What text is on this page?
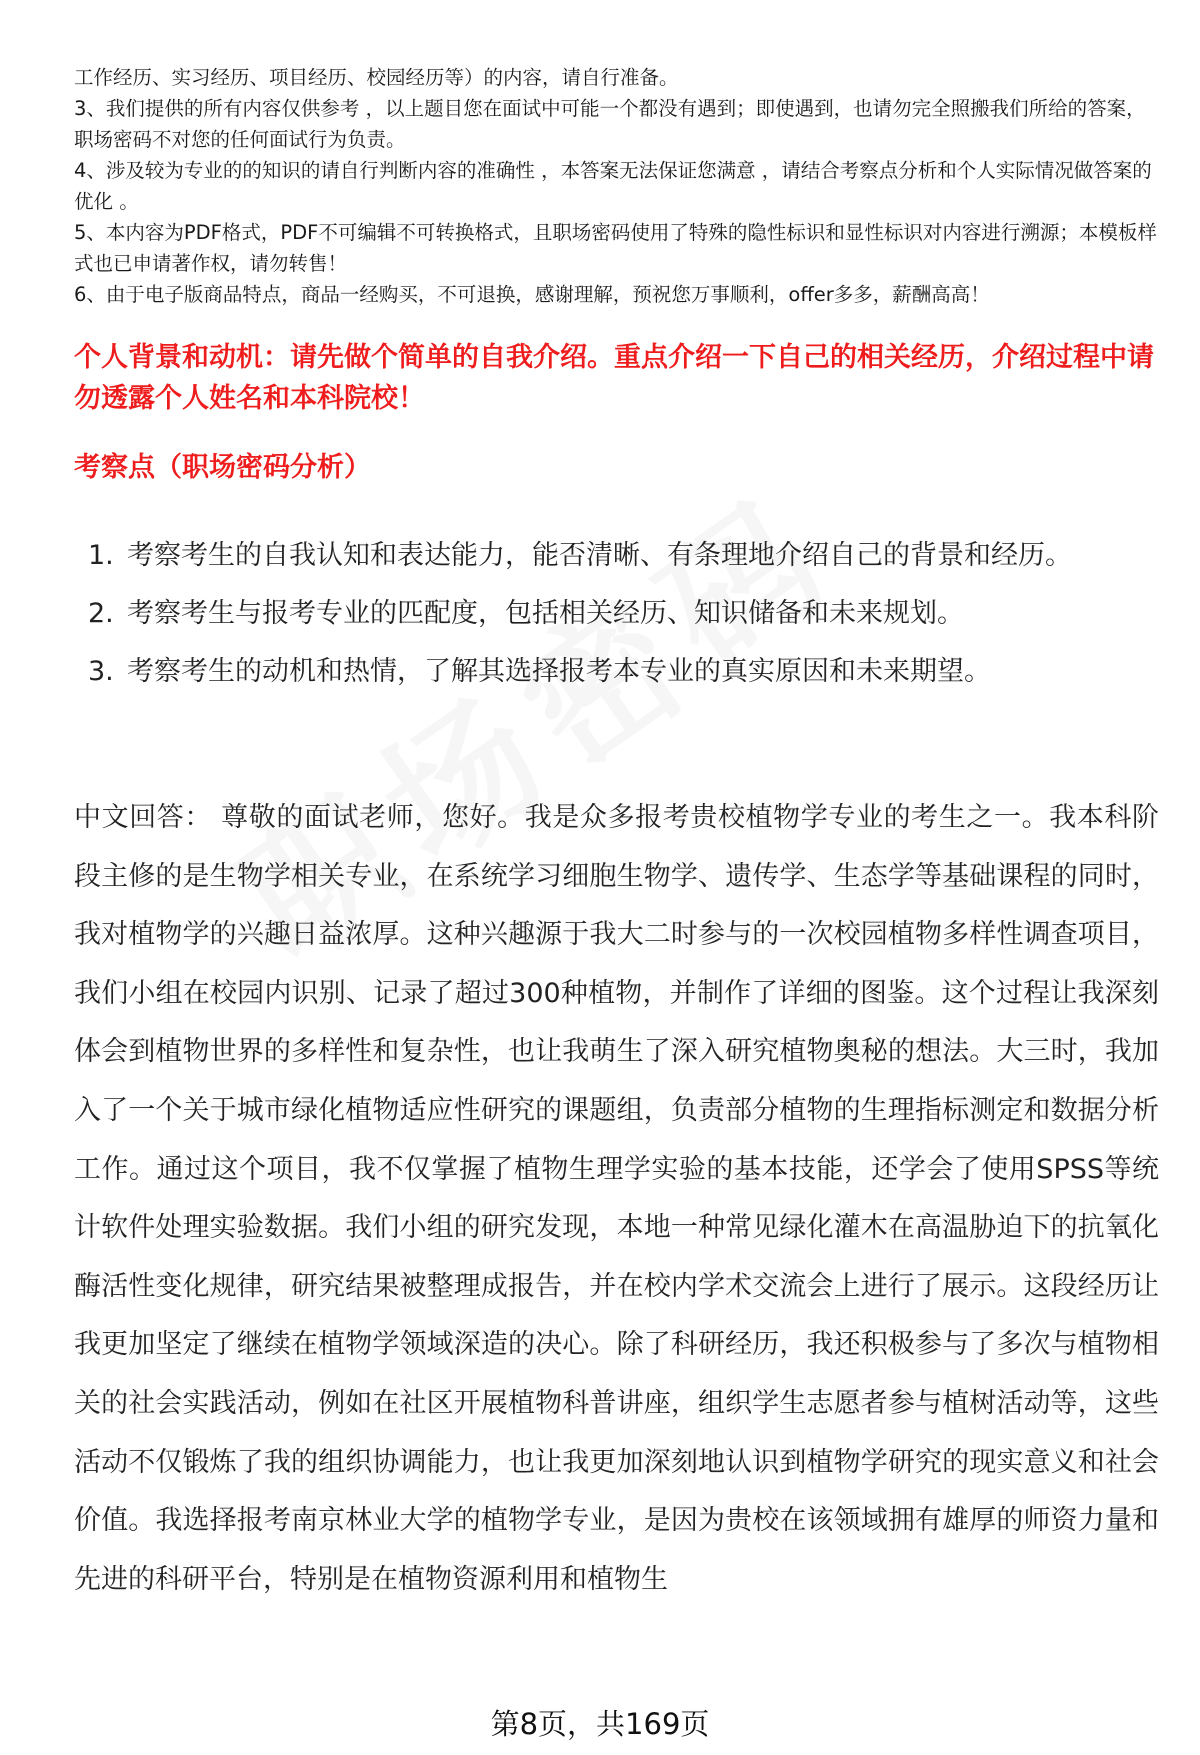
工作经历、实习经历、项目经历、校园经历等）的内容，请自行准备。

3、我们提供的所有内容仅供参考 ，以上题目您在面试中可能一个都没有遇到；即使遇到，也请勿完全照搬我们所给的答案，职场密码不对您的任何面试行为负责。

4、涉及较为专业的的知识的请自行判断内容的准确性 ，本答案无法保证您满意 ，请结合考察点分析和个人实际情况做答案的优化 。

5、本内容为PDF格式，PDF不可编辑不可转换格式，且职场密码使用了特殊的隐性标识和显性标识对内容进行溯源；本模板样式也已申请著作权，请勿转售！

6、由于电子版商品特点，商品一经购买，不可退换，感谢理解，预祝您万事顺利，offer多多，薪酬高高！

个人背景和动机：请先做个简单的自我介绍。重点介绍一下自己的相关经历，介绍过程中请勿透露个人姓名和本科院校！

考察点（职场密码分析）

1. 考察考生的自我认知和表达能力，能否清晰、有条理地介绍自己的背景和经历。
2. 考察考生与报考专业的匹配度，包括相关经历、知识储备和未来规划。
3. 考察考生的动机和热情，了解其选择报考本专业的真实原因和未来期望。

中文回答： 尊敬的面试老师，您好。我是众多报考贵校植物学专业的考生之一。我本科阶段主修的是生物学相关专业，在系统学习细胞生物学、遗传学、生态学等基础课程的同时，我对植物学的兴趣日益浓厚。这种兴趣源于我大二时参与的一次校园植物多样性调查项目，我们小组在校园内识别、记录了超过300种植物，并制作了详细的图鉴。这个过程让我深刻体会到植物世界的多样性和复杂性，也让我萌生了深入研究植物奥秘的想法。大三时，我加入了一个关于城市绿化植物适应性研究的课题组，负责部分植物的生理指标测定和数据分析工作。通过这个项目，我不仅掌握了植物生理学实验的基本技能，还学会了使用SPSS等统计软件处理实验数据。我们小组的研究发现，本地一种常见绿化灌木在高温胁迫下的抗氧化酶活性变化规律，研究结果被整理成报告，并在校内学术交流会上进行了展示。这段经历让我更加坚定了继续在植物学领域深造的决心。除了科研经历，我还积极参与了多次与植物相关的社会实践活动，例如在社区开展植物科普讲座，组织学生志愿者参与植树活动等，这些活动不仅锻炼了我的组织协调能力，也让我更加深刻地认识到植物学研究的现实意义和社会价值。我选择报考南京林业大学的植物学专业，是因为贵校在该领域拥有雄厚的师资力量和先进的科研平台，特别是在植物资源利用和植物生

第8页，共169页
